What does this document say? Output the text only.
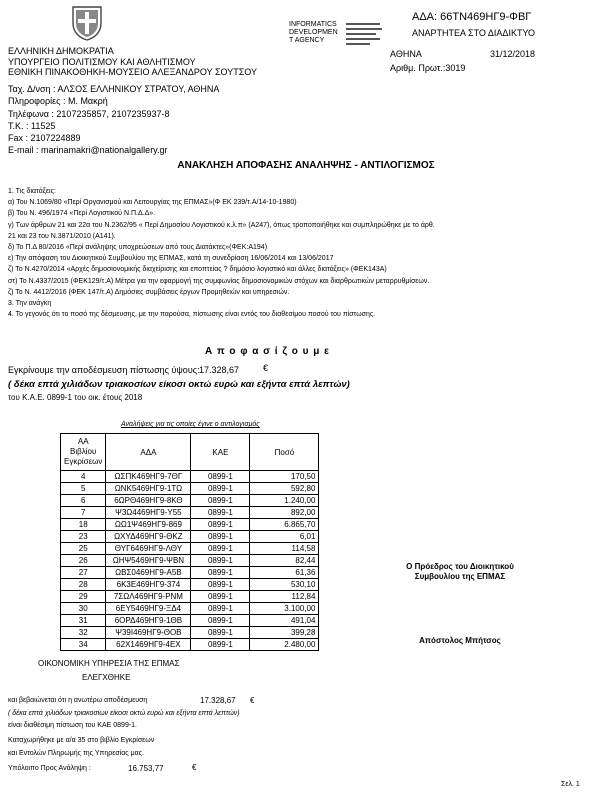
INFORMATICS
DEVELOPMEN
T AGENCY
ΑΔΑ: 66ΤΝ469ΗΓ9-ΦΒΓ
ΑΝΑΡΤΗΤΕΑ ΣΤΟ ΔΙΑΔΙΚΤΥΟ
ΕΛΛΗΝΙΚΗ ΔΗΜΟΚΡΑΤΙΑ
ΥΠΟΥΡΓΕΙΟ ΠΟΛΙΤΙΣΜΟΥ ΚΑΙ ΑΘΛΗΤΙΣΜΟΥ
ΕΘΝΙΚΗ ΠΙΝΑΚΟΘΗΚΗ-ΜΟΥΣΕΙΟ ΑΛΕΞΑΝΔΡΟΥ ΣΟΥΤΣΟΥ
ΑΘΗΝΑ	31/12/2018
Αριθμ. Πρωτ.:3019
Ταχ. Δ/νση : ΑΛΣΟΣ ΕΛΛΗΝΙΚΟΥ ΣΤΡΑΤΟΥ, ΑΘΗΝΑ
Πληροφορίες : Μ. Μακρή
Τηλέφωνα : 2107235857, 2107235937-8
Τ.Κ. : 11525
Fax : 2107224889
E-mail : marinamakri@nationalgallery.gr
ΑΝΑΚΛΗΣΗ ΑΠΟΦΑΣΗΣ ΑΝΑΛΗΨΗΣ - ΑΝΤΙΛΟΓΙΣΜΟΣ
1. Τις διατάξεις:
α) Του Ν.1069/80 «Περί Οργανισμού και Λειτουργίας της ΕΠΜΑΣ»(Φ ΕΚ 239/τ.Α/14-10-1980)
β) Του Ν. 496/1974 «Περί Λογιστικού Ν.Π.Δ.Δ».
γ) Των άρθρων 21 και 22α του Ν.2362/95 « Περί Δημοσίου Λογιστικού κ.λ.π» (Α247), όπως τροποποιήθηκε και συμπληρώθηκε με το άρθ.
21 και 23 του Ν.3871/2010 (Α141).
δ) Το Π.Δ 80/2016 «Περί ανάληψης υποχρεώσεων από τους Διατάκτες»(ΦΕΚ:Α194)
ε) Την απόφαση του Διοικητικού Συμβουλίου της ΕΠΜΑΣ, κατά τη συνεδρίαση 16/06/2014 και 13/06/2017
ζ) Το Ν.4270/2014 «Αρχές δημοσιονομικής διαχείρισης και εποπτείας ? δημόσιο λογιστικό και άλλες διατάξεις» (ΦΕΚ143Α)
στ) Το Ν.4337/2015 (ΦΕΚ129/τ.Α) Μέτρα για την εφαρμογή της συμφωνίας δημοσιονομικών στόχων και διαρθρωτικών μεταρρυθμίσεων.
ζ) Το Ν. 4412/2016 (ΦΕΚ 147/τ.Α) Δημόσιες συμβάσεις έργων Προμηθειών και υπηρεσιών.
3. Την ανάγκη
4. Το γεγονός ότι το ποσό της δέσμευσης, με την παρούσα, πίστωσης είναι εντός του διαθεσίμου ποσού του πίστωσης.
Α π ο φ α σ ί ζ ο υ μ ε
Εγκρίνουμε την αποδέσμευση πίστωσης ύψους: 17.328,67	€
( δέκα επτά χιλιάδων τριακοσίων είκοσι οκτώ ευρώ και εξήντα επτά λεπτών)
του Κ.Α.Ε. 0899-1 του οικ. έτους 2018
Αναλήψεις για τις οποίες έγινε ο αντιλογισμός
ΑΑ Βιβλίου Εγκρίσεων	ΑΔΑ	ΚΑΕ	Ποσό
4	ΩΣΠΚ469ΗΓ9-7ΘΓ	0899-1	170,50
5	ΩΝΚ5469ΗΓ9-1ΤΩ	0899-1	592,80
6	6ΩΡΘ469ΗΓ9-8ΚΘ	0899-1	1.240,00
7	Ψ3Ω4469ΗΓ9-Υ55	0899-1	892,00
18	ΩΩ1Ψ469ΗΓ9-869	0899-1	6.865,70
23	ΩΧΥΔ469ΗΓ9-ΘΚΖ	0899-1	6,01
25	ΘΥΓ6469ΗΓ9-ΛΘΥ	0899-1	114,58
26	ΩΗΨ5469ΗΓ9-ΨΒΝ	0899-1	82,44
27	ΩΒΣ0469ΗΓ9-Α5Β	0899-1	61,36
28	6Κ3Ε469ΗΓ9-374	0899-1	530,10
29	7ΣΩΛ469ΗΓ9-ΡΝΜ	0899-1	112,84
30	6ΕΥ5469ΗΓ9-ΞΔ4	0899-1	3.100,00
31	6ΟΡΔ469ΗΓ9-1ΘΒ	0899-1	491,04
32	Ψ39Ι469ΗΓ9-ΘΟΒ	0899-1	399,28
34	62Χ1469ΗΓ9-4ΕΧ	0899-1	2.480,00
Ο Πρόεδρος του Διοικητικού
Συμβουλίου της ΕΠΜΑΣ
Απόστολος Μπήτσος
ΟΙΚΟΝΟΜΙΚΗ ΥΠΗΡΕΣΙΑ ΤΗΣ ΕΠΜΑΣ
ΕΛΕΓΧΘΗΚΕ
και βεβαιώνεται ότι η ανωτέρω αποδέσμευση	17.328,67 €
( δέκα επτά χιλιάδων τριακοσίων είκοσι οκτώ ευρώ και εξήντα επτά λεπτών)
είναι διαθέσιμη πίστωση του ΚΑΕ 0899-1.
Καταχωρήθηκε με α/α 35 στο βιβλίο Εγκρίσεων
και Εντολών Πληρωμής της Υπηρεσίας μας.
Υπόλοιπο Προς Ανάληψη :	16.753,77	€
Σελ. 1
